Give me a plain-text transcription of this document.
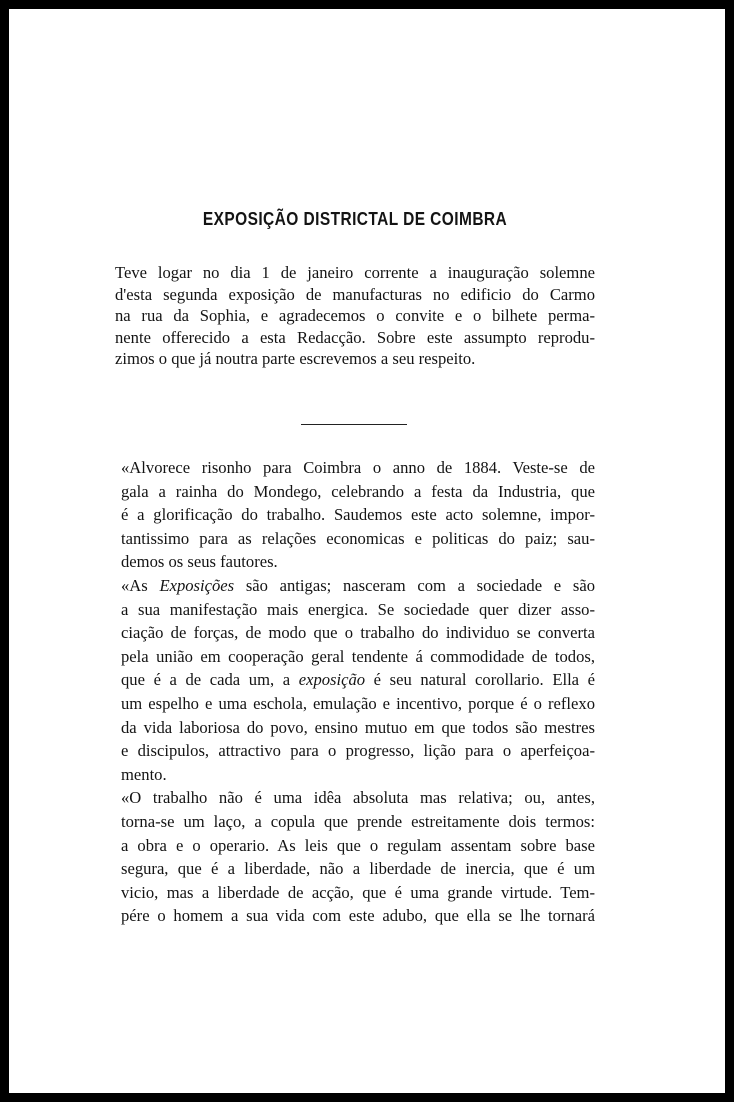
EXPOSIÇÃO DISTRICTAL DE COIMBRA
Teve logar no dia 1 de janeiro corrente a inauguração solemne
d'esta segunda exposição de manufacturas no edificio do Carmo
na rua da Sophia, e agradecemos o convite e o bilhete perma-
nente offerecido a esta Redacção. Sobre este assumpto reprodu-
zimos o que já noutra parte escrevemos a seu respeito.
«Alvorece risonho para Coimbra o anno de 1884. Veste-se de
gala a rainha do Mondego, celebrando a festa da Industria, que
é a glorificação do trabalho. Saudemos este acto solemne, impor-
tantissimo para as relações economicas e politicas do paiz; sau-
demos os seus fautores.
«As Exposições são antigas; nasceram com a sociedade e são
a sua manifestação mais energica. Se sociedade quer dizer asso-
ciação de forças, de modo que o trabalho do individuo se converta
pela união em cooperação geral tendente á commodidade de todos,
que é a de cada um, a exposição é seu natural corollario. Ella é
um espelho e uma eschola, emulação e incentivo, porque é o reflexo
da vida laboriosa do povo, ensino mutuo em que todos são mestres
e discipulos, attractivo para o progresso, lição para o aperfeiçoa-
mento.
«O trabalho não é uma idêa absoluta mas relativa; ou, antes,
torna-se um laço, a copula que prende estreitamente dois termos:
a obra e o operario. As leis que o regulam assentam sobre base
segura, que é a liberdade, não a liberdade de inercia, que é um
vicio, mas a liberdade de acção, que é uma grande virtude. Tem-
pére o homem a sua vida com este adubo, que ella se lhe tornará
